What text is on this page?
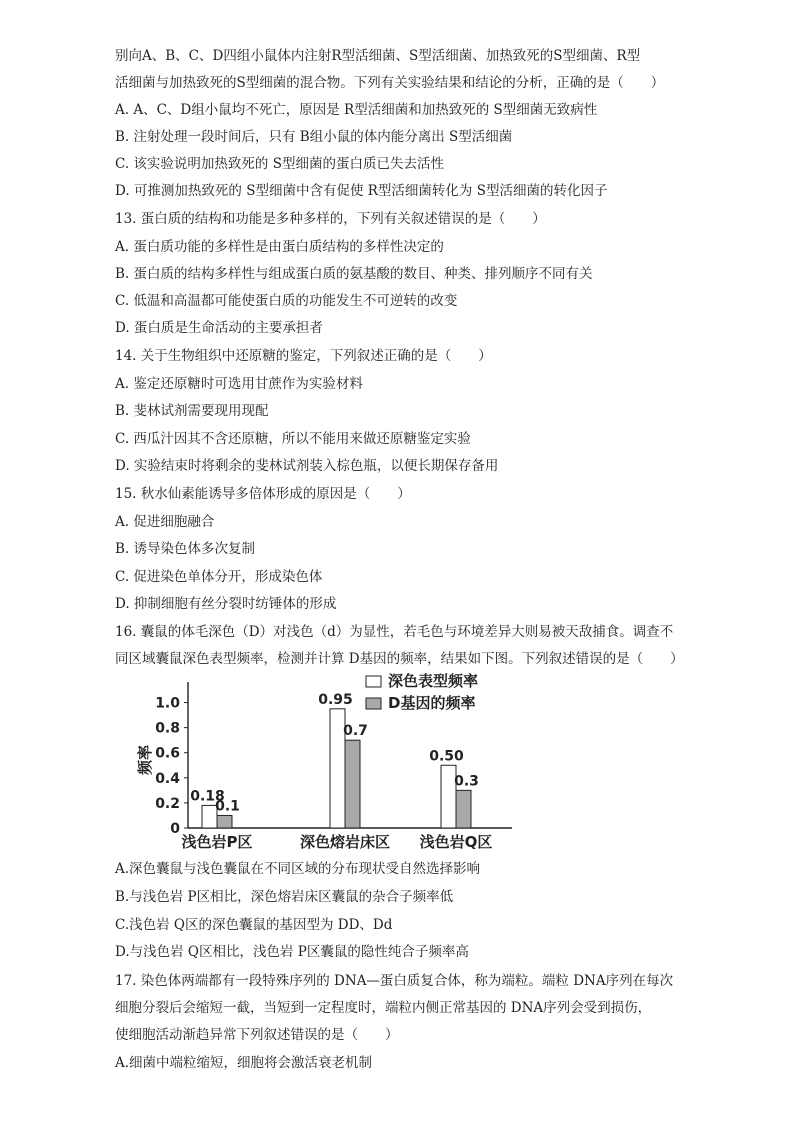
别向A、B、C、D四组小鼠体内注射R型活细菌、S型活细菌、加热致死的S型细菌、R型
活细菌与加热致死的S型细菌的混合物。下列有关实验结果和结论的分析，正确的是（　　）
A. A、C、D组小鼠均不死亡，原因是 R型活细菌和加热致死的 S型细菌无致病性
B. 注射处理一段时间后，只有 B组小鼠的体内能分离出 S型活细菌
C. 该实验说明加热致死的 S型细菌的蛋白质已失去活性
D. 可推测加热致死的 S型细菌中含有促使 R型活细菌转化为 S型活细菌的转化因子
13. 蛋白质的结构和功能是多种多样的，下列有关叙述错误的是（　　）
A. 蛋白质功能的多样性是由蛋白质结构的多样性决定的
B. 蛋白质的结构多样性与组成蛋白质的氨基酸的数目、种类、排列顺序不同有关
C. 低温和高温都可能使蛋白质的功能发生不可逆转的改变
D. 蛋白质是生命活动的主要承担者
14. 关于生物组织中还原糖的鉴定，下列叙述正确的是（　　）
A. 鉴定还原糖时可选用甘蔗作为实验材料
B. 斐林试剂需要现用现配
C. 西瓜汁因其不含还原糖，所以不能用来做还原糖鉴定实验
D. 实验结束时将剩余的斐林试剂装入棕色瓶，以便长期保存备用
15. 秋水仙素能诱导多倍体形成的原因是（　　）
A. 促进细胞融合
B. 诱导染色体多次复制
C. 促进染色单体分开，形成染色体
D. 抑制细胞有丝分裂时纺锤体的形成
16. 囊鼠的体毛深色（D）对浅色（d）为显性，若毛色与环境差异大则易被天敌捕食。调查不
同区域囊鼠深色表型频率，检测并计算 D基因的频率，结果如下图。下列叙述错误的是（　　）
0
0.2
0.4
0.6
0.8
1.0
频率
0.18
0.1
浅色岩P区
0.95
0.7
深色熔岩床区
0.50
0.3
浅色岩Q区
深色表型频率
D基因的频率
A.深色囊鼠与浅色囊鼠在不同区域的分布现状受自然选择影响
B.与浅色岩 P区相比，深色熔岩床区囊鼠的杂合子频率低
C.浅色岩 Q区的深色囊鼠的基因型为 DD、Dd
D.与浅色岩 Q区相比，浅色岩 P区囊鼠的隐性纯合子频率高
17. 染色体两端都有一段特殊序列的 DNA—蛋白质复合体，称为端粒。端粒 DNA序列在每次
细胞分裂后会缩短一截，当短到一定程度时，端粒内侧正常基因的 DNA序列会受到损伤，
使细胞活动渐趋异常下列叙述错误的是（　　）
A.细菌中端粒缩短，细胞将会激活衰老机制
